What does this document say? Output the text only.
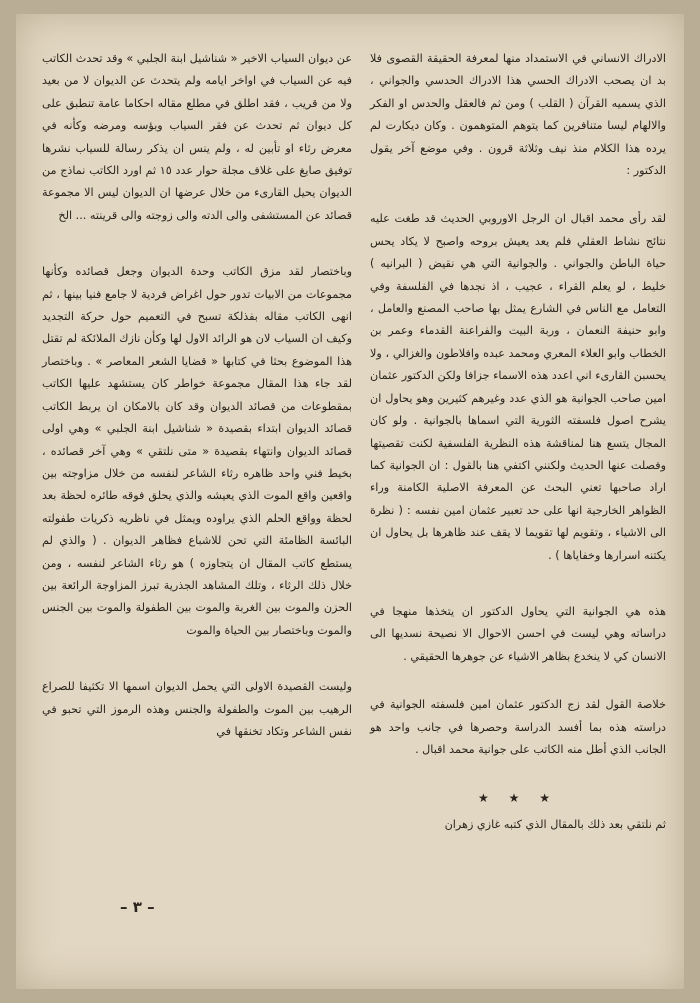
الادراك الانساني في الاستمداد منها لمعرفة الحقيقة القصوى فلا بد ان يصحب الادراك الحسي هذا الادراك الحدسي والجواني ، الذي يسميه القرآن ( القلب ) ومن ثم فالعقل والحدس او الفكر والالهام ليسا متنافرين كما يتوهم المتوهمون . وكان ديكارت لم يرده هذا الكلام منذ نيف وثلاثة قرون . وفي موضع آخر يقول الدكتور :

لقد رأى محمد اقبال ان الرجل الاوروبي الحديث قد طغت عليه نتائج نشاط العقلي فلم يعد يعيش بروحه واصبح لا يكاد يحس حياة الباطن والجواني . والجوانية التي هي نقيض ( البرانيه ) خليط ، لو يعلم القراء ، عجيب ، اذ نجدها في الفلسفة وفي التعامل مع الناس في الشارع يمثل بها صاحب المصنع والعامل ، وابو حنيفة النعمان ، وربة البيت والفراعنة القدماء وعمر بن الخطاب وابو العلاء المعري ومحمد عبده وافلاطون والغزالي ، ولا يحسبن القارىء اني اعدد هذه الاسماء جزافا ولكن الدكتور عثمان امين صاحب الجوانية هو الذي عدد وغيرهم كثيرين وهو يحاول ان يشرح اصول فلسفته الثورية التي اسماها بالجوانية . ولو كان المجال يتسع هنا لمناقشة هذه النظرية الفلسفية لكنت تقصيتها وفصلت عنها الحديث ولكنني اكتفي هنا بالقول : ان الجوانية كما اراد صاحبها تعني البحث عن المعرفة الاصلية الكامنة وراء الظواهر الخارجية انها على حد تعبير عثمان امين نفسه : ( نظرة الى الاشياء ، وتقويم لها تقويما لا يقف عند ظاهرها بل يحاول ان يكتنه اسرارها وخفاياها ) .

هذه هي الجوانية التي يحاول الدكتور ان يتخذها منهجا في دراساته وهي ليست في احسن الاحوال الا نصيحة نسديها الى الانسان كي لا ينخدع بظاهر الاشياء عن جوهرها الحقيقي .

خلاصة القول لقد زج الدكتور عثمان امين فلسفته الجوانية في دراسته هذه بما أفسد الدراسة وحصرها في جانب واحد هو الجانب الذي أطل منه الكاتب على جوانية محمد اقبال .

★ ★ ★

ثم نلتقي بعد ذلك بالمقال الذي كتبه غازي زهران

عن ديوان السياب الاخير « شناشيل ابنة الجلبي » وقد تحدث الكاتب فيه عن السياب في اواخر ايامه ولم يتحدث عن الديوان لا من بعيد ولا من قريب ، فقد اطلق في مطلع مقاله احكاما عامة تنطبق على كل ديوان ثم تحدث عن فقر السياب وبؤسه ومرضه وكأنه في معرض رثاء او تأبين له ، ولم ينس ان يذكر رسالة للسياب نشرها توفيق صايغ على غلاف مجلة حوار عدد ١٥ ثم اورد الكاتب نماذج من الديوان يحيل القارىء من خلال عرضها ان الديوان ليس الا مجموعة قصائد عن المستشفى والى الدته والى زوجته والى قرينته ... الخ

وباختصار لقد مزق الكاتب وحدة الديوان وجعل قصائده وكأنها مجموعات من الابيات تدور حول اغراض فردية لا جامع فنيا بينها ، ثم انهى الكاتب مقاله بفذلكة تسبح في التعميم حول حركة التجديد وكيف ان السياب لان هو الرائد الاول لها وكأن نازك الملائكة لم تقتل هذا الموضوع بحثا في كتابها « قضايا الشعر المعاصر » . وباختصار لقد جاء هذا المقال مجموعة خواطر كان يستشهد عليها الكاتب بمقطوعات من قصائد الديوان وقد كان بالامكان ان يربط الكاتب قصائد الديوان ابتداء بقصيدة « شناشيل ابنة الجلبي » وهي اولى قصائد الديوان وانتهاء بقصيدة « متى نلتقي » وهي آخر قصائده ، بخيط فني واحد ظاهره رثاء الشاعر لنفسه من خلال مزاوجته بين واقعين واقع الموت الذي يعيشه والذي يحلق فوقه طائره لحظة بعد لحظة وواقع الحلم الذي يراوده ويمثل في ناظريه ذكريات طفولته البائسة الظامئة التي تحن للاشباع فظاهر الديوان . ( والذي لم يستطع كاتب المقال ان يتجاوزه ) هو رثاء الشاعر لنفسه ، ومن خلال ذلك الرثاء ، وتلك المشاهد الجذرية تبرز المزاوجة الرائعة بين الحزن والموت بين الغربة والموت بين الطفولة والموت بين الجنس والموت وباختصار بين الحياة والموت

وليست القصيدة الاولى التي يحمل الديوان اسمها الا تكثيفا للصراع الرهيب بين الموت والطفولة والجنس وهذه الرموز التي تحبو في نفس الشاعر وتكاد تخنقها في

– ٣ –
